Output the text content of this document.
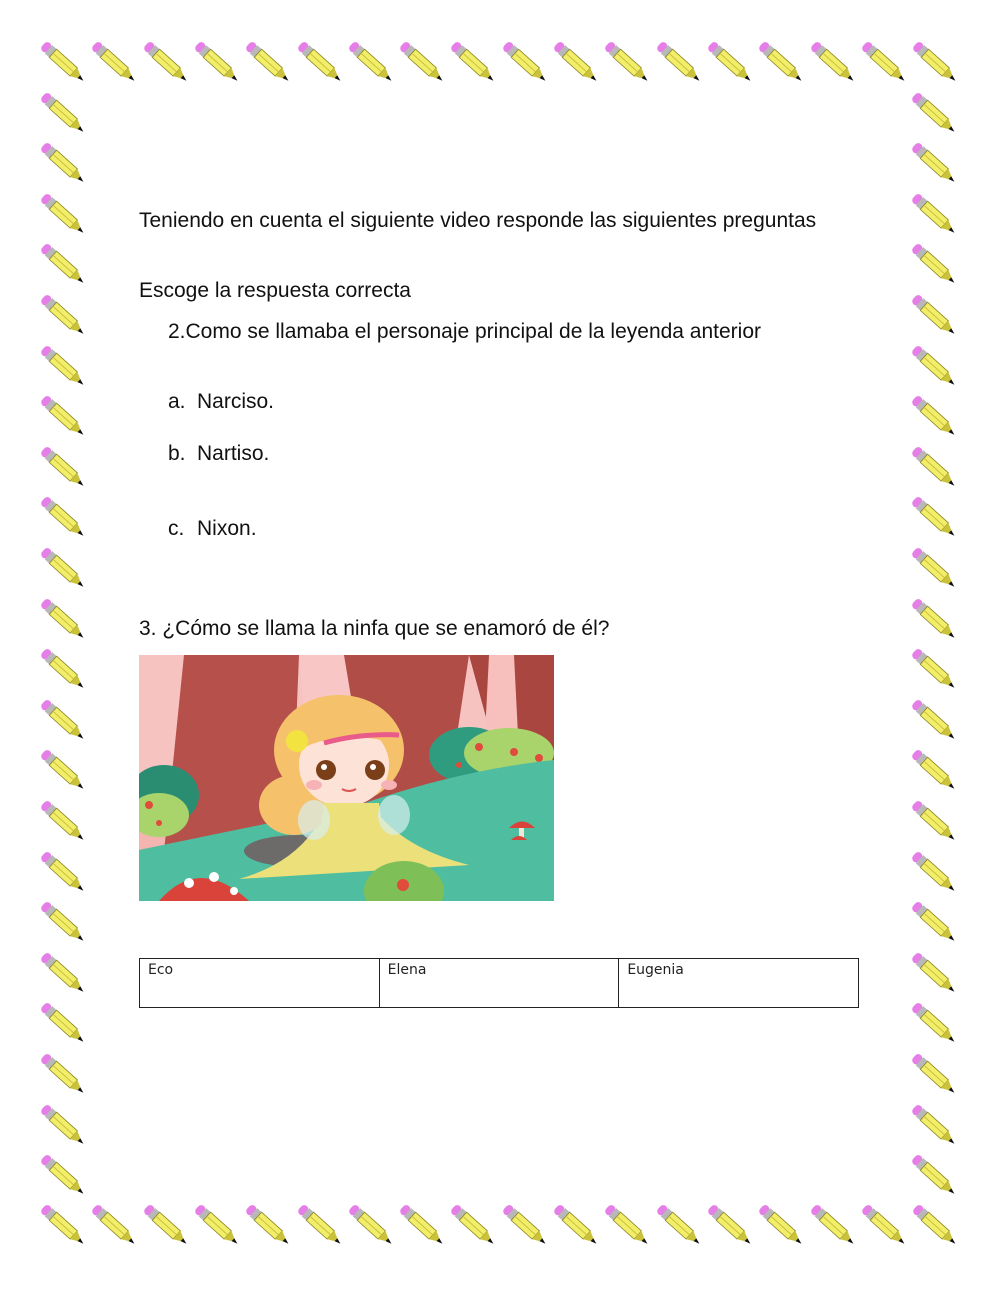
Teniendo en cuenta el siguiente video responde las siguientes preguntas
Escoge la respuesta correcta
2.Como se llamaba el personaje principal de la leyenda anterior
a. Narciso.
b. Nartiso.
c. Nixon.
3. ¿Cómo se llama la ninfa que se enamoró de él?
Eco	Elena	Eugenia
